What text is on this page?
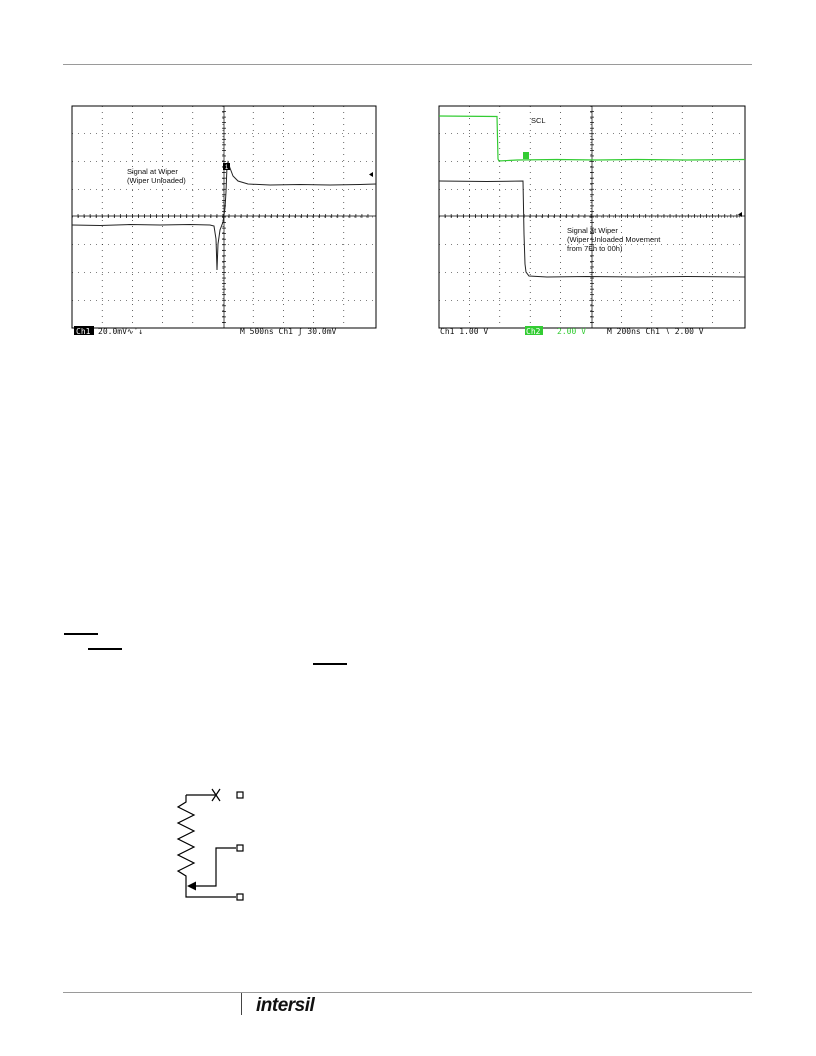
1
Signal at Wiper
(Wiper Unloaded)
Ch1 20.0mV∿ʹ↓	M 500ns Ch1 ʃ 30.0mV
SCL
Signal at Wiper
(Wiper Unloaded Movement
from 7Fh to 00h)
Ch1 1.00 V	Ch2 2.00 V	M 200ns Ch1 ∖ 2.00 V
intersil
